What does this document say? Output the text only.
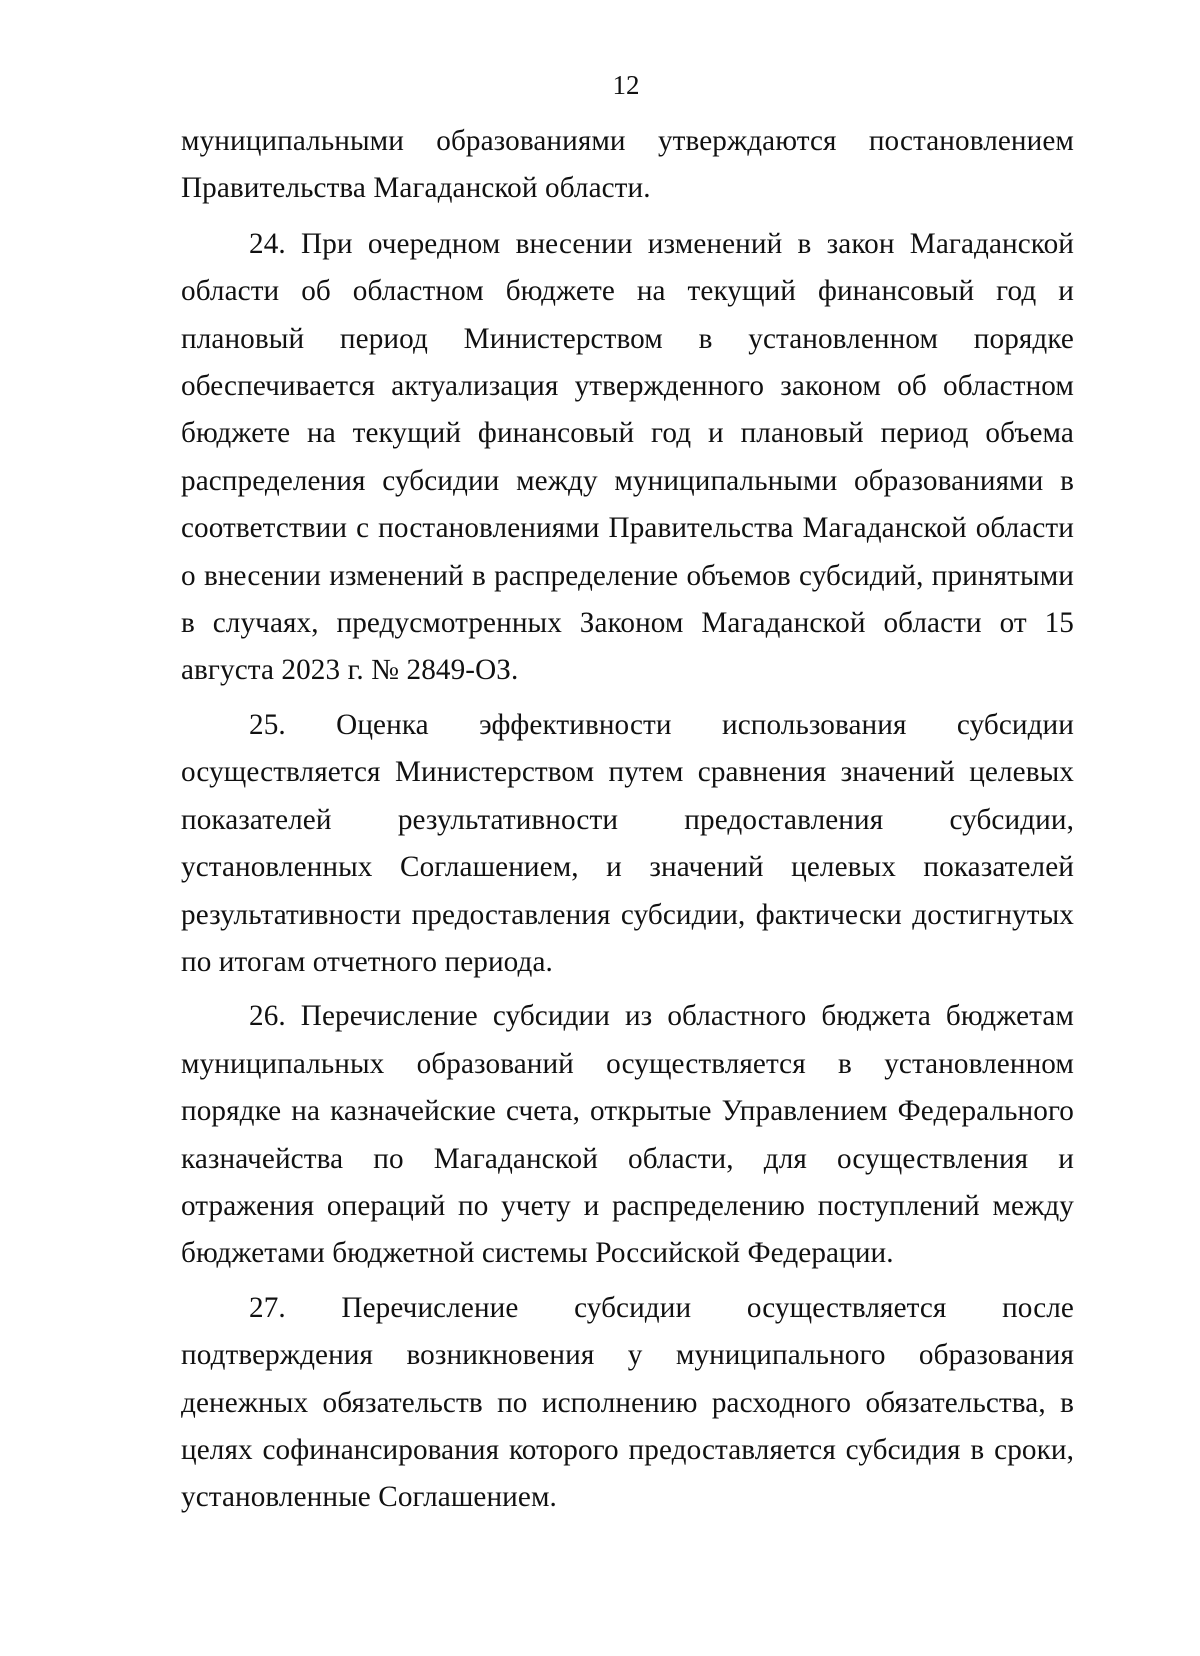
12

муниципальными образованиями утверждаются постановлением Правительства Магаданской области.

24. При очередном внесении изменений в закон Магаданской области об областном бюджете на текущий финансовый год и плановый период Министерством в установленном порядке обеспечивается актуализация утвержденного законом об областном бюджете на текущий финансовый год и плановый период объема распределения субсидии между муниципальными образованиями в соответствии с постановлениями Правительства Магаданской области о внесении изменений в распределение объемов субсидий, принятыми в случаях, предусмотренных Законом Магаданской области от 15 августа 2023 г. № 2849-ОЗ.

25. Оценка эффективности использования субсидии осуществляется Министерством путем сравнения значений целевых показателей результативности предоставления субсидии, установленных Соглашением, и значений целевых показателей результативности предоставления субсидии, фактически достигнутых по итогам отчетного периода.

26. Перечисление субсидии из областного бюджета бюджетам муниципальных образований осуществляется в установленном порядке на казначейские счета, открытые Управлением Федерального казначейства по Магаданской области, для осуществления и отражения операций по учету и распределению поступлений между бюджетами бюджетной системы Российской Федерации.

27. Перечисление субсидии осуществляется после подтверждения возникновения у муниципального образования денежных обязательств по исполнению расходного обязательства, в целях софинансирования которого предоставляется субсидия в сроки, установленные Соглашением.
